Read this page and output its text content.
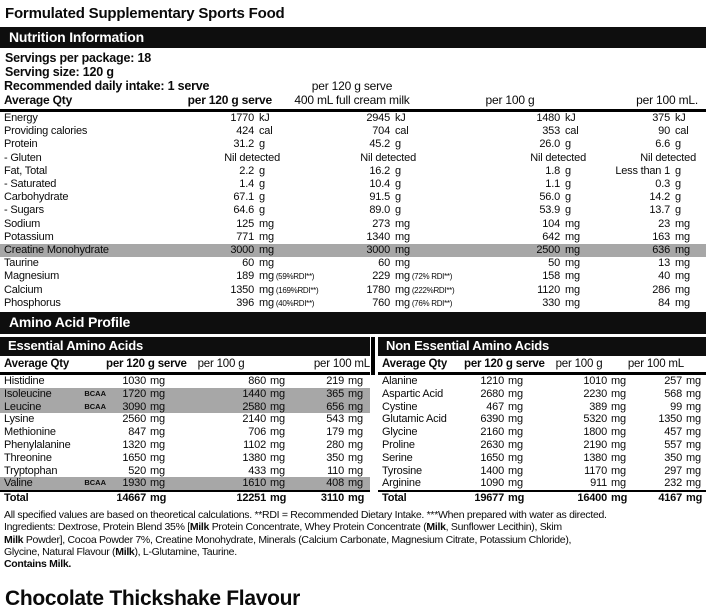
Formulated Supplementary Sports Food
Nutrition Information
Servings per package: 18
Serving size: 120 g
Recommended daily intake: 1 serve	per 120 g serve
Average Qty	per 120 g serve	400 mL full cream milk	per 100 g	per 100 mL.
Energy	1770 kJ	2945 kJ	1480 kJ	375 kJ
Providing calories	424 cal	704 cal	353 cal	90 cal
Protein	31.2 g	45.2 g	26.0 g	6.6 g
- Gluten	Nil detected	Nil detected	Nil detected	Nil detected
Fat, Total	2.2 g	16.2 g	1.8 g	Less than 1 g
- Saturated	1.4 g	10.4 g	1.1 g	0.3 g
Carbohydrate	67.1 g	91.5 g	56.0 g	14.2 g
- Sugars	64.6 g	89.0 g	53.9 g	13.7 g
Sodium	125 mg	273 mg	104 mg	23 mg
Potassium	771 mg	1340 mg	642 mg	163 mg
Creatine Monohydrate	3000 mg	3000 mg	2500 mg	636 mg
Taurine	60 mg	60 mg	50 mg	13 mg
Magnesium	189 mg (59%RDI**)	229 mg (72% RDI**)	158 mg	40 mg
Calcium	1350 mg (169%RDI**)	1780 mg (222%RDI**)	1120 mg	286 mg
Phosphorus	396 mg (40%RDI**)	760 mg (76% RDI**)	330 mg	84 mg
Amino Acid Profile
Essential Amino Acids
Average Qty	per 120 g serve per 100 g	per 100 mL
Histidine	1030 mg	860 mg	219 mg
Isoleucine	BCAA	1720 mg	1440 mg	365 mg
Leucine	BCAA	3090 mg	2580 mg	656 mg
Lysine	2560 mg	2140 mg	543 mg
Methionine	847 mg	706 mg	179 mg
Phenylalanine	1320 mg	1102 mg	280 mg
Threonine	1650 mg	1380 mg	350 mg
Tryptophan	520 mg	433 mg	110 mg
Valine	BCAA	1930 mg	1610 mg	408 mg
Total	14667 mg	12251 mg	3110 mg
Non Essential Amino Acids
Average Qty	per 120 g serve per 100 g	per 100 mL
Alanine	1210 mg	1010 mg	257 mg
Aspartic Acid	2680 mg	2230 mg	568 mg
Cystine	467 mg	389 mg	99 mg
Glutamic Acid	6390 mg	5320 mg	1350 mg
Glycine	2160 mg	1800 mg	457 mg
Proline	2630 mg	2190 mg	557 mg
Serine	1650 mg	1380 mg	350 mg
Tyrosine	1400 mg	1170 mg	297 mg
Arginine	1090 mg	911 mg	232 mg
Total	19677 mg	16400 mg	4167 mg
All specified values are based on theoretical calculations. **RDI = Recommended Dietary Intake. ***When prepared with water as directed.
Ingredients: Dextrose, Protein Blend 35% [Milk Protein Concentrate, Whey Protein Concentrate (Milk, Sunflower Lecithin), Skim
Milk Powder], Cocoa Powder 7%, Creatine Monohydrate, Minerals (Calcium Carbonate, Magnesium Citrate, Potassium Chloride),
Glycine, Natural Flavour (Milk), L-Glutamine, Taurine.
Contains Milk.
Chocolate Thickshake Flavour
